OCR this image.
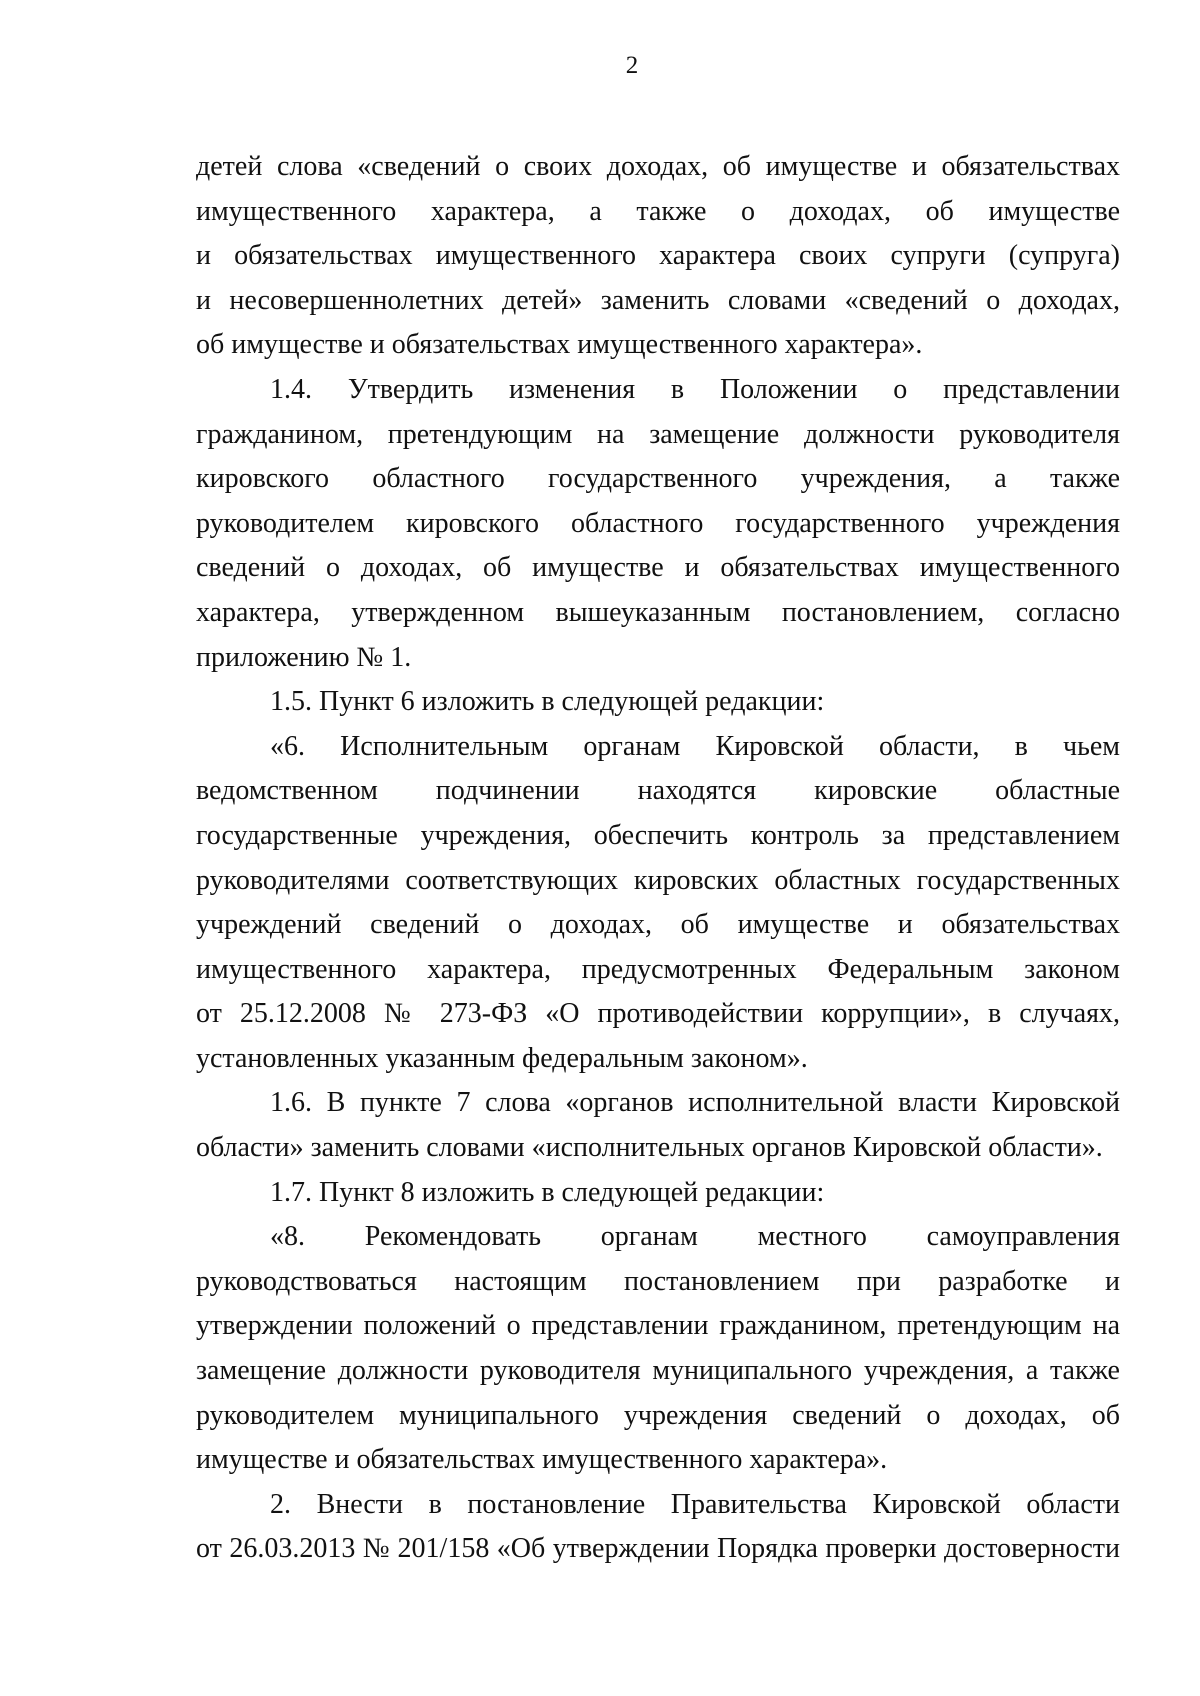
2
детей слова «сведений о своих доходах, об имуществе и обязательствах
имущественного характера, а также о доходах, об имуществе
и обязательствах имущественного характера своих супруги (супруга)
и несовершеннолетних детей» заменить словами «сведений о доходах,
об имуществе и обязательствах имущественного характера».
1.4. Утвердить изменения в Положении о представлении
гражданином, претендующим на замещение должности руководителя
кировского областного государственного учреждения, а также
руководителем кировского областного государственного учреждения
сведений о доходах, об имуществе и обязательствах имущественного
характера, утвержденном вышеуказанным постановлением, согласно
приложению № 1.
1.5. Пункт 6 изложить в следующей редакции:
«6. Исполнительным органам Кировской области, в чьем
ведомственном подчинении находятся кировские областные
государственные учреждения, обеспечить контроль за представлением
руководителями соответствующих кировских областных государственных
учреждений сведений о доходах, об имуществе и обязательствах
имущественного характера, предусмотренных Федеральным законом
от 25.12.2008 № 273-ФЗ «О противодействии коррупции», в случаях,
установленных указанным федеральным законом».
1.6. В пункте 7 слова «органов исполнительной власти Кировской
области» заменить словами «исполнительных органов Кировской области».
1.7. Пункт 8 изложить в следующей редакции:
«8. Рекомендовать органам местного самоуправления
руководствоваться настоящим постановлением при разработке и
утверждении положений о представлении гражданином, претендующим на
замещение должности руководителя муниципального учреждения, а также
руководителем муниципального учреждения сведений о доходах, об
имуществе и обязательствах имущественного характера».
2. Внести в постановление Правительства Кировской области
от 26.03.2013 № 201/158 «Об утверждении Порядка проверки достоверности
